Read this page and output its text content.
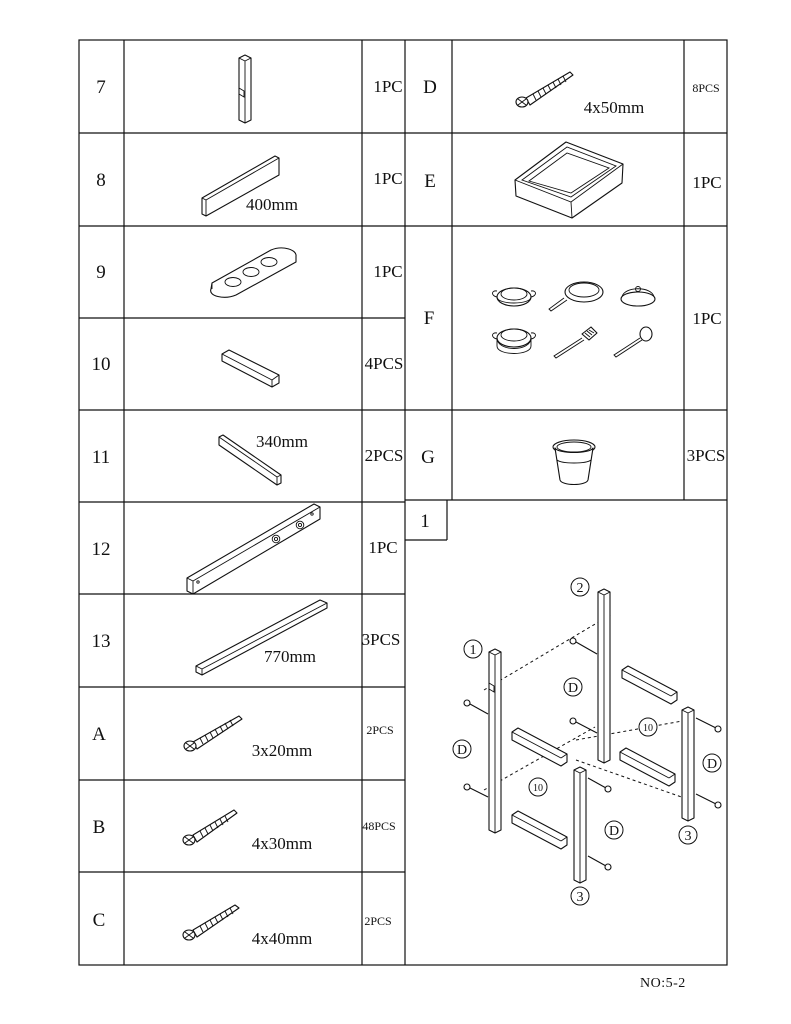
7
8
9
10
11
12
13
A
B
C
1PC
1PC
1PC
4PCS
2PCS
1PC
3PCS
2PCS
48PCS
2PCS
400mm
340mm
770mm
3x20mm
4x30mm
4x40mm
D
E
F
G
8PCS
1PC
1PC
3PCS
4x50mm
1
1
2
3
3
D
D
D
D
10
10
NO:5-2
